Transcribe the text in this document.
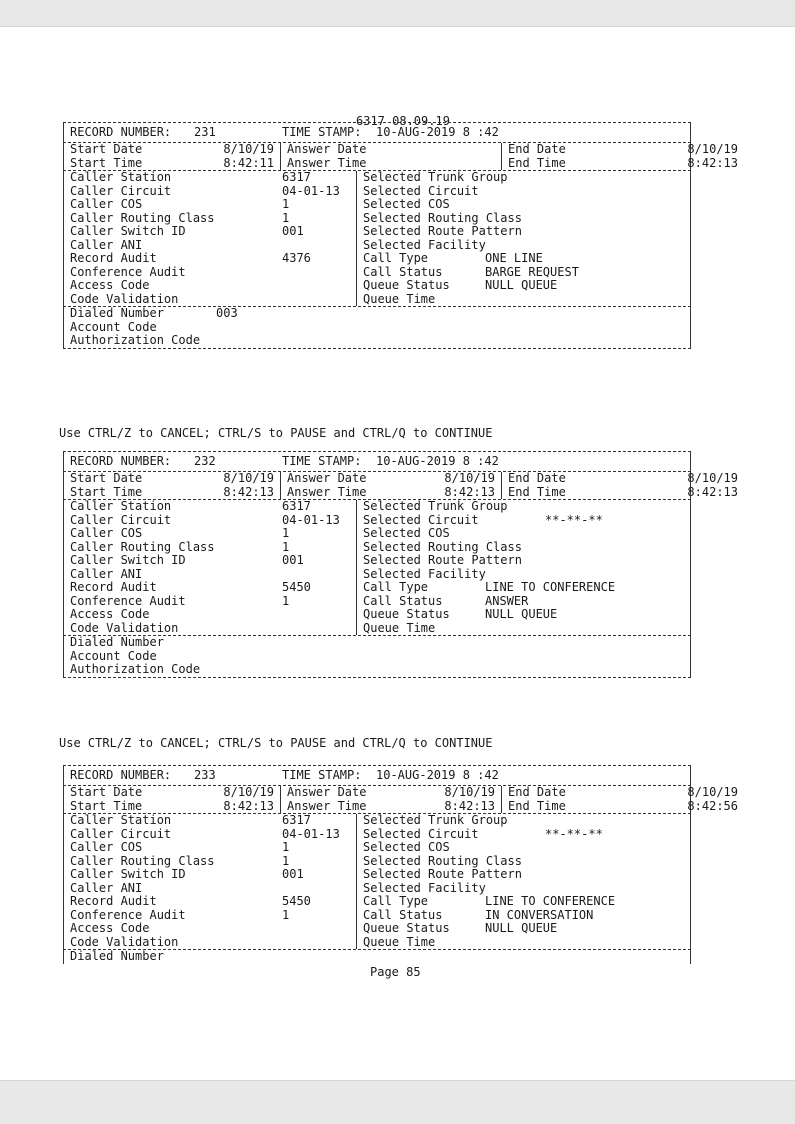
6317 08.09.19
RECORD NUMBER:	231	TIME STAMP:	10-AUG-2019 8 :42
Start Date	8/10/19	Answer Date	End Date	8/10/19
Start Time	8:42:11	Answer Time	End Time	8:42:13
Caller Station	6317	Selected Trunk Group
Caller Circuit	04-01-13	Selected Circuit
Caller COS	1	Selected COS
Caller Routing Class	1	Selected Routing Class
Caller Switch ID	001	Selected Route Pattern
Caller ANI	Selected Facility
Record Audit	4376	Call Type	ONE LINE
Conference Audit	Call Status	BARGE REQUEST
Access Code	Queue Status	NULL QUEUE
Code Validation	Queue Time
Dialed Number	003
Account Code
Authorization Code
Use CTRL/Z to CANCEL; CTRL/S to PAUSE and CTRL/Q to CONTINUE
RECORD NUMBER:	232	TIME STAMP:	10-AUG-2019 8 :42
Start Date	8/10/19	Answer Date	8/10/19	End Date	8/10/19
Start Time	8:42:13	Answer Time	8:42:13	End Time	8:42:13
Caller Station	6317	Selected Trunk Group
Caller Circuit	04-01-13	Selected Circuit	**-**-**
Caller COS	1	Selected COS
Caller Routing Class	1	Selected Routing Class
Caller Switch ID	001	Selected Route Pattern
Caller ANI	Selected Facility
Record Audit	5450	Call Type	LINE TO CONFERENCE
Conference Audit	1	Call Status	ANSWER
Access Code	Queue Status	NULL QUEUE
Code Validation	Queue Time
Dialed Number
Account Code
Authorization Code
Use CTRL/Z to CANCEL; CTRL/S to PAUSE and CTRL/Q to CONTINUE
RECORD NUMBER:	233	TIME STAMP:	10-AUG-2019 8 :42
Start Date	8/10/19	Answer Date	8/10/19	End Date	8/10/19
Start Time	8:42:13	Answer Time	8:42:13	End Time	8:42:56
Caller Station	6317	Selected Trunk Group
Caller Circuit	04-01-13	Selected Circuit	**-**-**
Caller COS	1	Selected COS
Caller Routing Class	1	Selected Routing Class
Caller Switch ID	001	Selected Route Pattern
Caller ANI	Selected Facility
Record Audit	5450	Call Type	LINE TO CONFERENCE
Conference Audit	1	Call Status	IN CONVERSATION
Access Code	Queue Status	NULL QUEUE
Code Validation	Queue Time
Dialed Number
Page 85
